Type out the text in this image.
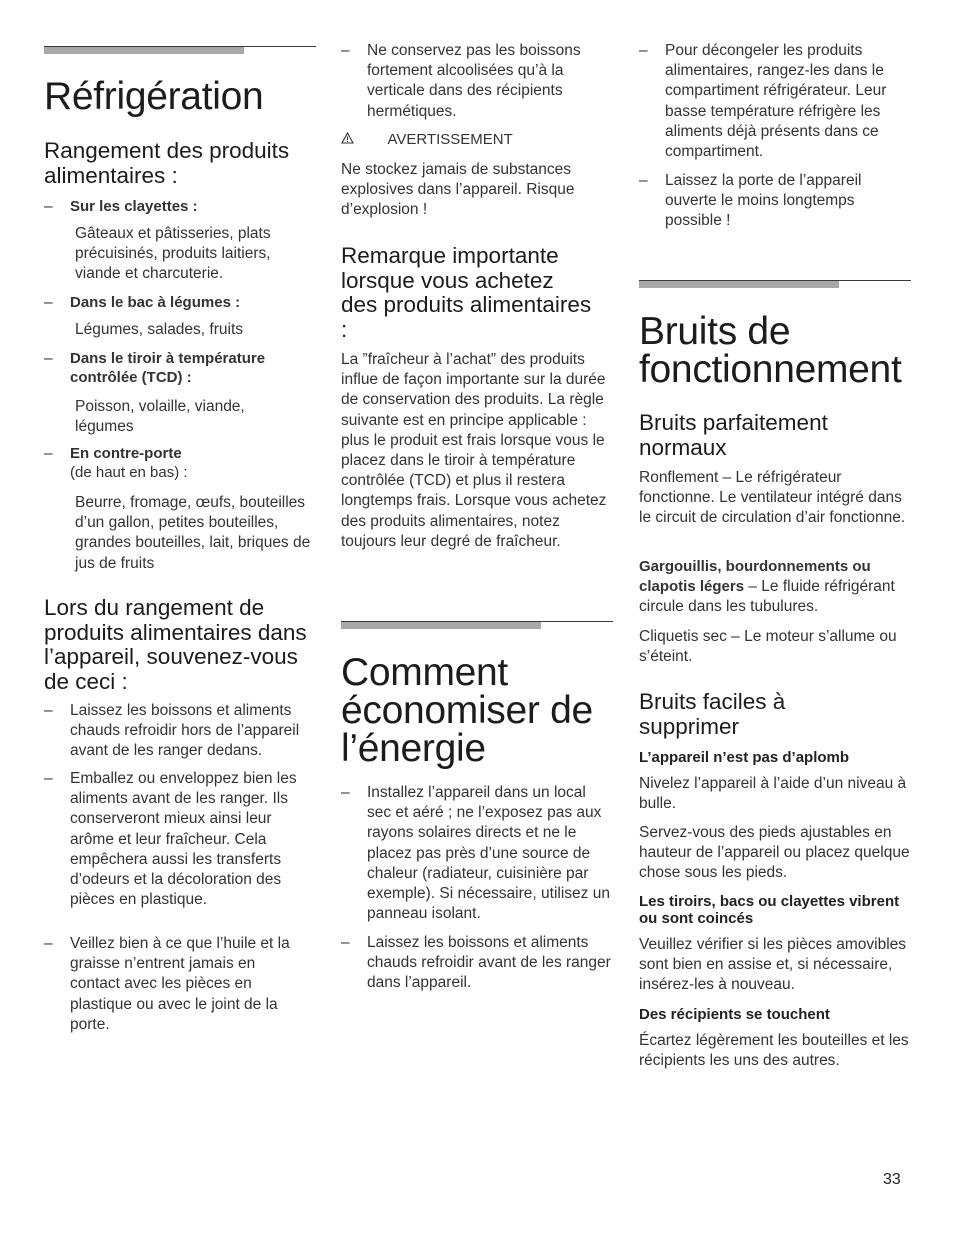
Réfrigération
Rangement des produits alimentaires :

– Sur les clayettes :

Gâteaux et pâtisseries, plats précuisinés, produits laitiers, viande et charcuterie.

– Dans le bac à légumes :

Légumes, salades, fruits

– Dans le tiroir à température contrôlée (TCD) :

Poisson, volaille, viande, légumes

– En contre-porte

(de haut en bas) :

Beurre, fromage, œufs, bouteilles d’un gallon, petites bouteilles, grandes bouteilles, lait, briques de jus de fruits

Lors du rangement de produits alimentaires dans l’appareil, souvenez-vous de ceci :

– Laissez les boissons et aliments chauds refroidir hors de l’appareil avant de les ranger dedans.

– Emballez ou enveloppez bien les aliments avant de les ranger. Ils conserveront mieux ainsi leur arôme et leur fraîcheur. Cela empêchera aussi les transferts d’odeurs et la décoloration des pièces en plastique.

– Veillez bien à ce que l’huile et la graisse n’entrent jamais en contact avec les pièces en plastique ou avec le joint de la porte.

– Ne conservez pas les boissons fortement alcoolisées qu’à la verticale dans des récipients hermétiques.

AVERTISSEMENT

Ne stockez jamais de substances explosives dans l’appareil. Risque d’explosion !

Remarque importante lorsque vous achetez des produits alimentaires :

La ”fraîcheur à l’achat” des produits influe de façon importante sur la durée de conservation des produits. La règle suivante est en principe applicable : plus le produit est frais lorsque vous le placez dans le tiroir à température contrôlée (TCD) et plus il restera longtemps frais. Lorsque vous achetez des produits alimentaires, notez toujours leur degré de fraîcheur.

Comment économiser de l’énergie

– Installez l’appareil dans un local sec et aéré ; ne l’exposez pas aux rayons solaires directs et ne le placez pas près d’une source de chaleur (radiateur, cuisinière par exemple). Si nécessaire, utilisez un panneau isolant.

– Laissez les boissons et aliments chauds refroidir avant de les ranger dans l’appareil.

– Pour décongeler les produits alimentaires, rangez-les dans le compartiment réfrigérateur. Leur basse température réfrigère les aliments déjà présents dans ce compartiment.

– Laissez la porte de l’appareil ouverte le moins longtemps possible !

Bruits de fonctionnement
Bruits parfaitement normaux

Ronflement – Le réfrigérateur fonctionne. Le ventilateur intégré dans le circuit de circulation d’air fonctionne.

Gargouillis, bourdonnements ou clapotis légers – Le fluide réfrigérant circule dans les tubulures.

Cliquetis sec – Le moteur s’allume ou s’éteint.

Bruits faciles à supprimer

L’appareil n’est pas d’aplomb

Nivelez l’appareil à l’aide d’un niveau à bulle.

Servez-vous des pieds ajustables en hauteur de l’appareil ou placez quelque chose sous les pieds.

Les tiroirs, bacs ou clayettes vibrent ou sont coincés

Veuillez vérifier si les pièces amovibles sont bien en assise et, si nécessaire, insérez-les à nouveau.

Des récipients se touchent

Écartez légèrement les bouteilles et les récipients les uns des autres.

33
